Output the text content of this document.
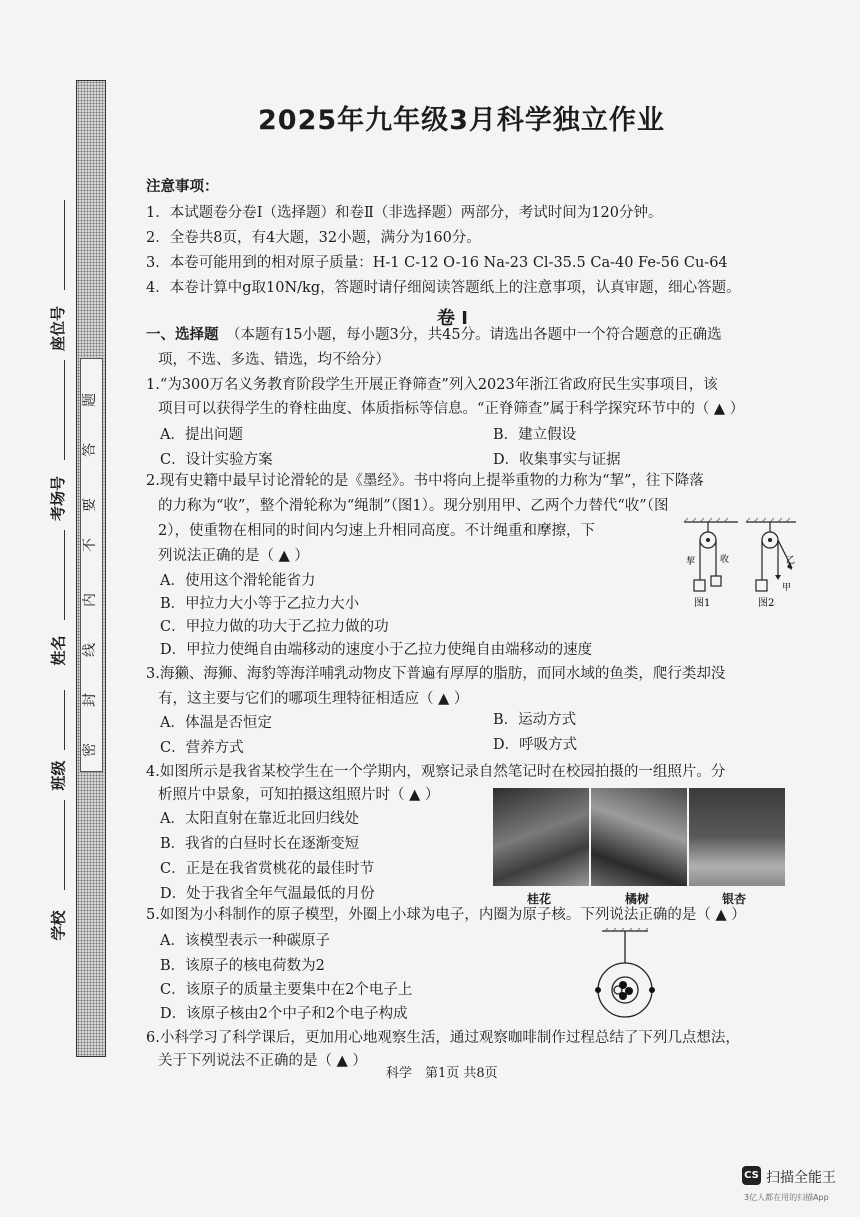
题
答
要
不
内
线
封
密
座位号
考场号
姓名
班级
学校
2025年九年级3月科学独立作业
注意事项：
1．本试题卷分卷Ⅰ（选择题）和卷Ⅱ（非选择题）两部分，考试时间为120分钟。
2．全卷共8页，有4大题，32小题，满分为160分。
3．本卷可能用到的相对原子质量：H-1 C-12 O-16 Na-23 Cl-35.5 Ca-40 Fe-56 Cu-64
4．本卷计算中g取10N/kg，答题时请仔细阅读答题纸上的注意事项，认真审题，细心答题。
卷 Ⅰ
一、选择题 （本题有15小题，每小题3分，共45分。请选出各题中一个符合题意的正确选
项，不选、多选、错选，均不给分）
1.“为300万名义务教育阶段学生开展正脊筛查”列入2023年浙江省政府民生实事项目，该
项目可以获得学生的脊柱曲度、体质指标等信息。“正脊筛查”属于科学探究环节中的（ ▲ ）
A．提出问题	B．建立假设
C．设计实验方案	D．收集事实与证据
2.现有史籍中最早讨论滑轮的是《墨经》。书中将向上提举重物的力称为“挈”，往下降落
的力称为“收”，整个滑轮称为“绳制”（图1）。现分别用甲、乙两个力替代“收”（图
2），使重物在相同的时间内匀速上升相同高度。不计绳重和摩擦，下
列说法正确的是（ ▲ ）
A．使用这个滑轮能省力
B．甲拉力大小等于乙拉力大小
C．甲拉力做的功大于乙拉力做的功
D．甲拉力使绳自由端移动的速度小于乙拉力使绳自由端移动的速度
挈	收
甲
乙
图1	图2
3.海獭、海狮、海豹等海洋哺乳动物皮下普遍有厚厚的脂肪，而同水域的鱼类，爬行类却没
有，这主要与它们的哪项生理特征相适应（ ▲ ）
A．体温是否恒定	B．运动方式
C．营养方式	D．呼吸方式
4.如图所示是我省某校学生在一个学期内，观察记录自然笔记时在校园拍摄的一组照片。分
析照片中景象，可知拍摄这组照片时（ ▲ ）
A．太阳直射在靠近北回归线处
B．我省的白昼时长在逐渐变短
C．正是在我省赏桃花的最佳时节
D．处于我省全年气温最低的月份	桂花	橘树	银杏
5.如图为小科制作的原子模型，外圈上小球为电子，内圈为原子核。下列说法正确的是（ ▲ ）
A．该模型表示一种碳原子
B．该原子的核电荷数为2
C．该原子的质量主要集中在2个电子上
D．该原子核由2个中子和2个电子构成
6.小科学习了科学课后，更加用心地观察生活，通过观察咖啡制作过程总结了下列几点想法，
关于下列说法不正确的是（ ▲ ）
科学　第1页 共8页
CS 扫描全能王
3亿人都在用的扫描App
